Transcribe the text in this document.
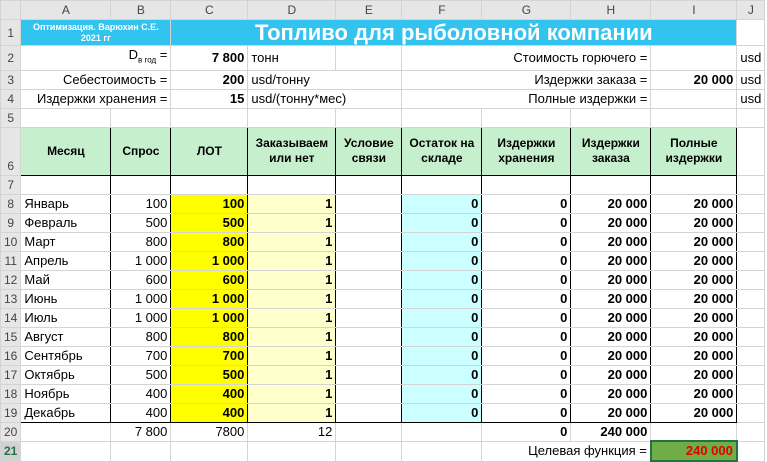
	A	B	C	D	E	F	G	H	I	J
1	Оптимизация. Варюхин С.Е. 2021 гг		Топливо для рыболовной компании							
2	$D_{в год}$ =		7 800	тонн		Стоимость горючего =				usd
3	Себестоимость =		200	usd/тонну		Издержки заказа =			20 000	usd
4	Издержки хранения =		15	usd/(тонну*мес)		Полные издержки =				usd
5										
6	Месяц	Спрос	ЛОТ	Заказываем или нет	Условие связи	Остаток на складе	Издержки хранения	Издержки заказа	Полные издержки	
7										
8	Январь	100	100	1		0	0	20 000	20 000	
9	Февраль	500	500	1		0	0	20 000	20 000	
10	Март	800	800	1		0	0	20 000	20 000	
11	Апрель	1 000	1 000	1		0	0	20 000	20 000	
12	Май	600	600	1		0	0	20 000	20 000	
13	Июнь	1 000	1 000	1		0	0	20 000	20 000	
14	Июль	1 000	1 000	1		0	0	20 000	20 000	
15	Август	800	800	1		0	0	20 000	20 000	
16	Сентябрь	700	700	1		0	0	20 000	20 000	
17	Октябрь	500	500	1		0	0	20 000	20 000	
18	Ноябрь	400	400	1		0	0	20 000	20 000	
19	Декабрь	400	400	1		0	0	20 000	20 000	
20		7 800	7800	12			0	240 000		
21							Целевая функция =		240 000	
